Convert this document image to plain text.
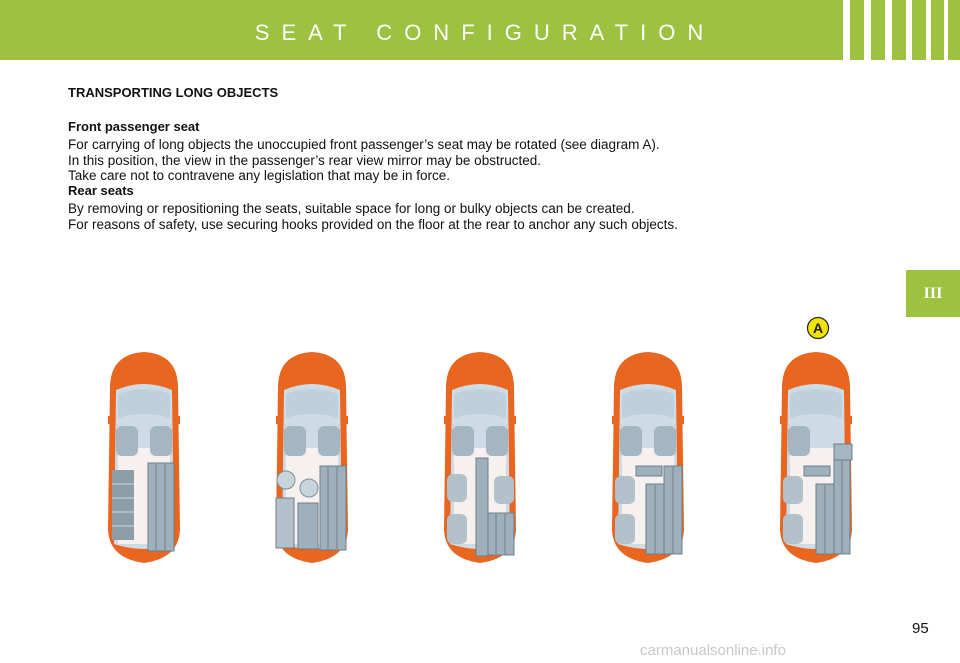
SEAT CONFIGURATION
III
TRANSPORTING LONG OBJECTS
Front passenger seat
For carrying of long objects the unoccupied front passenger’s seat may be rotated (see diagram A).
In this position, the view in the passenger’s rear view mirror may be obstructed.
Take care not to contravene any legislation that may be in force.
Rear seats
By removing or repositioning the seats, suitable space for long or bulky objects can be created.
For reasons of safety, use securing hooks provided on the floor at the rear to anchor any such objects.
A
95
carmanualsonline.info
